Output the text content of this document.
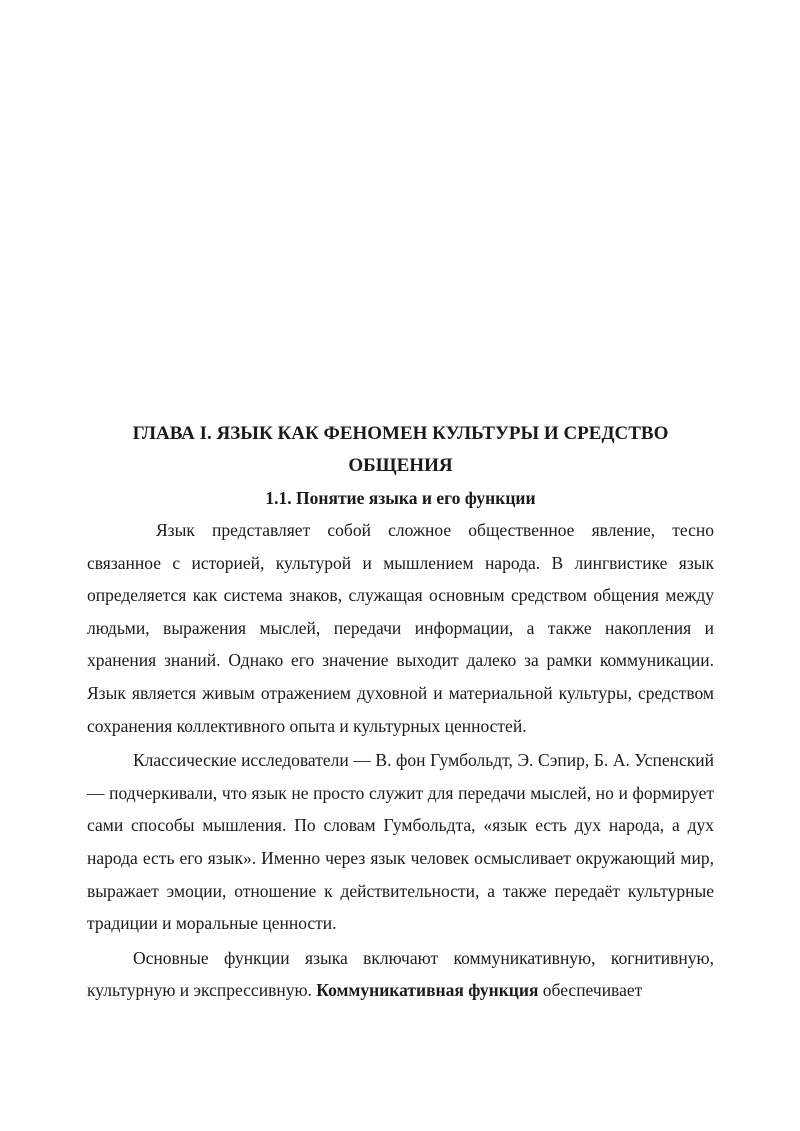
ГЛАВА I. ЯЗЫК КАК ФЕНОМЕН КУЛЬТУРЫ И СРЕДСТВО ОБЩЕНИЯ
1.1. Понятие языка и его функции

Язык представляет собой сложное общественное явление, тесно связанное с историей, культурой и мышлением народа. В лингвистике язык определяется как система знаков, служащая основным средством общения между людьми, выражения мыслей, передачи информации, а также накопления и хранения знаний. Однако его значение выходит далеко за рамки коммуникации. Язык является живым отражением духовной и материальной культуры, средством сохранения коллективного опыта и культурных ценностей.

Классические исследователи — В. фон Гумбольдт, Э. Сэпир, Б. А. Успенский — подчеркивали, что язык не просто служит для передачи мыслей, но и формирует сами способы мышления. По словам Гумбольдта, «язык есть дух народа, а дух народа есть его язык». Именно через язык человек осмысливает окружающий мир, выражает эмоции, отношение к действительности, а также передаёт культурные традиции и моральные ценности.

Основные функции языка включают коммуникативную, когнитивную, культурную и экспрессивную. Коммуникативная функция обеспечивает
